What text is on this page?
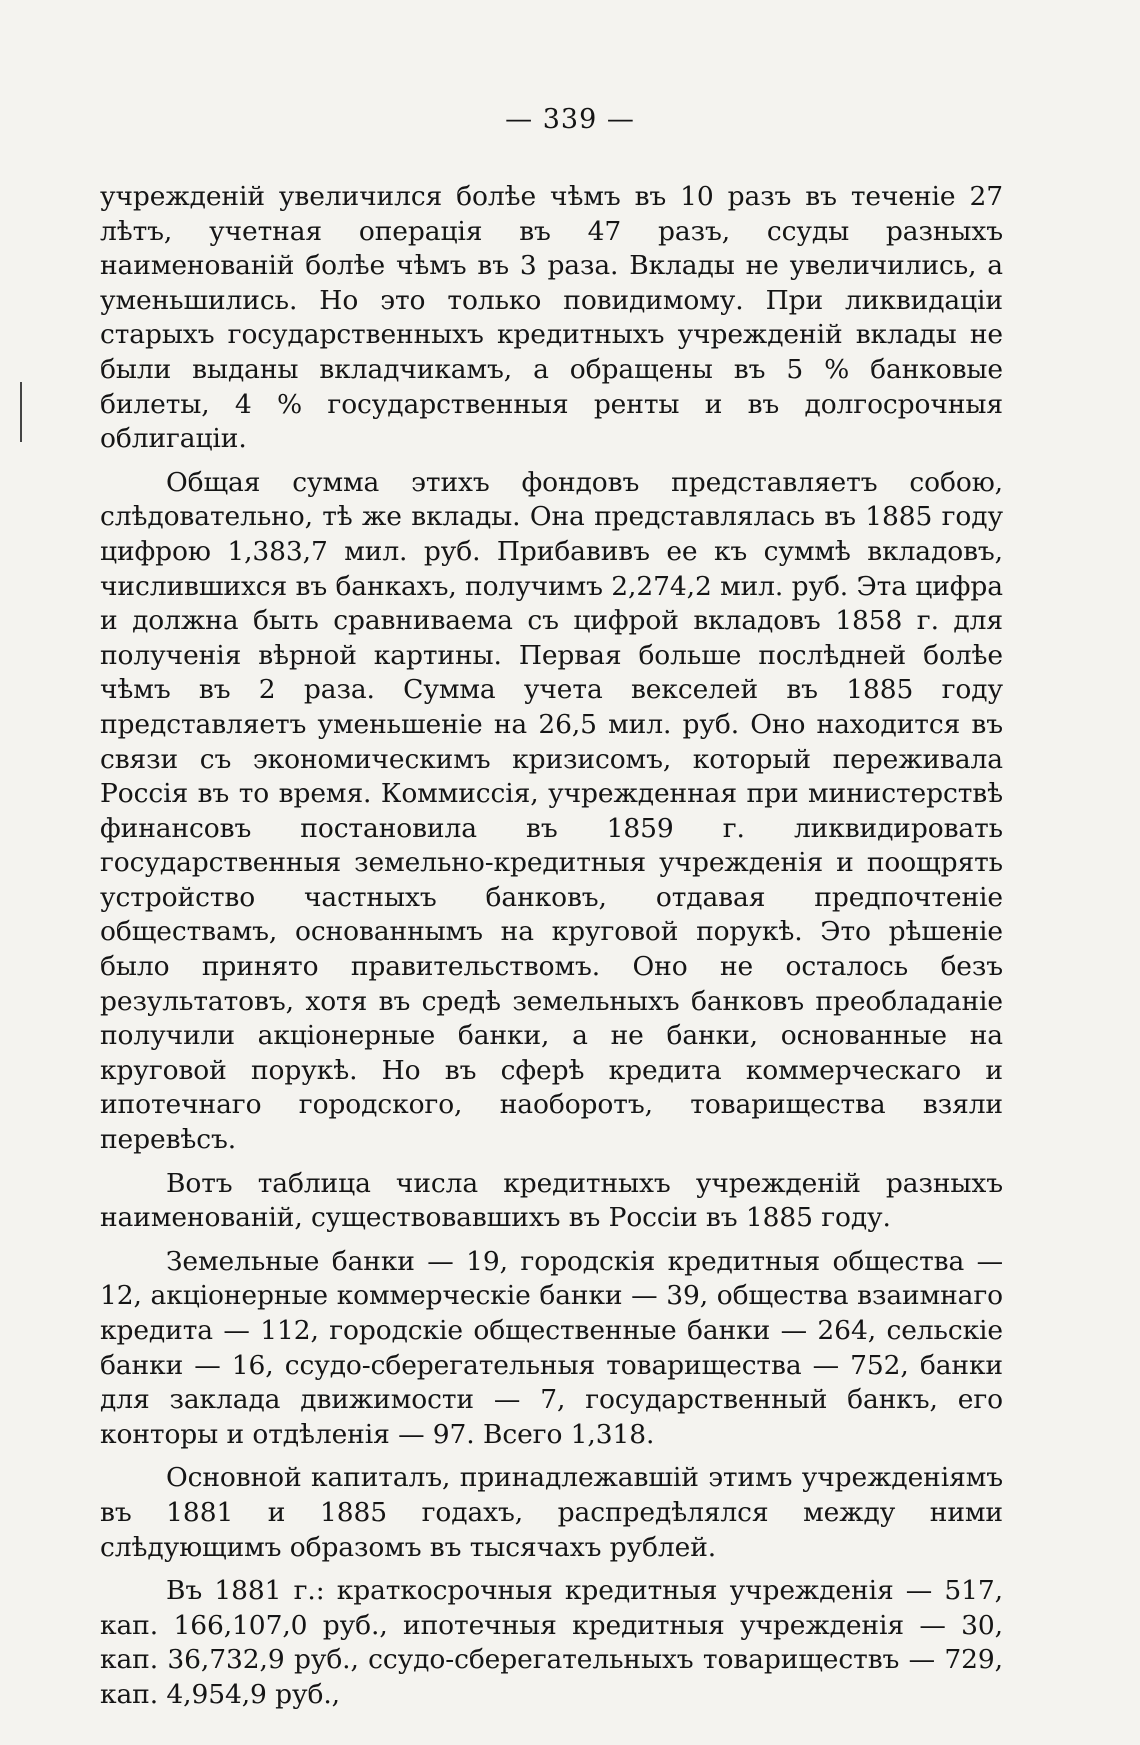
— 339 —

учрежденій увеличился болѣе чѣмъ въ 10 разъ въ теченіе 27 лѣтъ, учетная операція въ 47 разъ, ссуды разныхъ наименованій болѣе чѣмъ въ 3 раза. Вклады не увеличились, а уменьшились. Но это только повидимому. При ликвидаціи старыхъ государственныхъ кредитныхъ учрежденій вклады не были выданы вкладчикамъ, а обращены въ 5 % банковые билеты, 4 % государственныя ренты и въ долгосрочныя облигаціи.

Общая сумма этихъ фондовъ представляетъ собою, слѣдовательно, тѣ же вклады. Она представлялась въ 1885 году цифрою 1,383,7 мил. руб. Прибавивъ ее къ суммѣ вкладовъ, числившихся въ банкахъ, получимъ 2,274,2 мил. руб. Эта цифра и должна быть сравниваема съ цифрой вкладовъ 1858 г. для полученія вѣрной картины. Первая больше послѣдней болѣе чѣмъ въ 2 раза. Сумма учета векселей въ 1885 году представляетъ уменьшеніе на 26,5 мил. руб. Оно находится въ связи съ экономическимъ кризисомъ, который переживала Россія въ то время. Коммиссія, учрежденная при министерствѣ финансовъ постановила въ 1859 г. ликвидировать государственныя земельно-кредитныя учрежденія и поощрять устройство частныхъ банковъ, отдавая предпочтеніе обществамъ, основаннымъ на круговой порукѣ. Это рѣшеніе было принято правительствомъ. Оно не осталось безъ результатовъ, хотя въ средѣ земельныхъ банковъ преобладаніе получили акціонерные банки, а не банки, основанные на круговой порукѣ. Но въ сферѣ кредита коммерческаго и ипотечнаго городского, наоборотъ, товарищества взяли перевѣсъ.

Вотъ таблица числа кредитныхъ учрежденій разныхъ наименованій, существовавшихъ въ Россіи въ 1885 году.

Земельные банки — 19, городскія кредитныя общества — 12, акціонерные коммерческіе банки — 39, общества взаимнаго кредита — 112, городскіе общественные банки — 264, сельскіе банки — 16, ссудо-сберегательныя товарищества — 752, банки для заклада движимости — 7, государственный банкъ, его конторы и отдѣленія — 97. Всего 1,318.

Основной капиталъ, принадлежавшій этимъ учрежденіямъ въ 1881 и 1885 годахъ, распредѣлялся между ними слѣдующимъ образомъ въ тысячахъ рублей.

Въ 1881 г.: краткосрочныя кредитныя учрежденія — 517, кап. 166,107,0 руб., ипотечныя кредитныя учрежденія — 30, кап. 36,732,9 руб., ссудо-сберегательныхъ товариществъ — 729, кап. 4,954,9 руб.,
